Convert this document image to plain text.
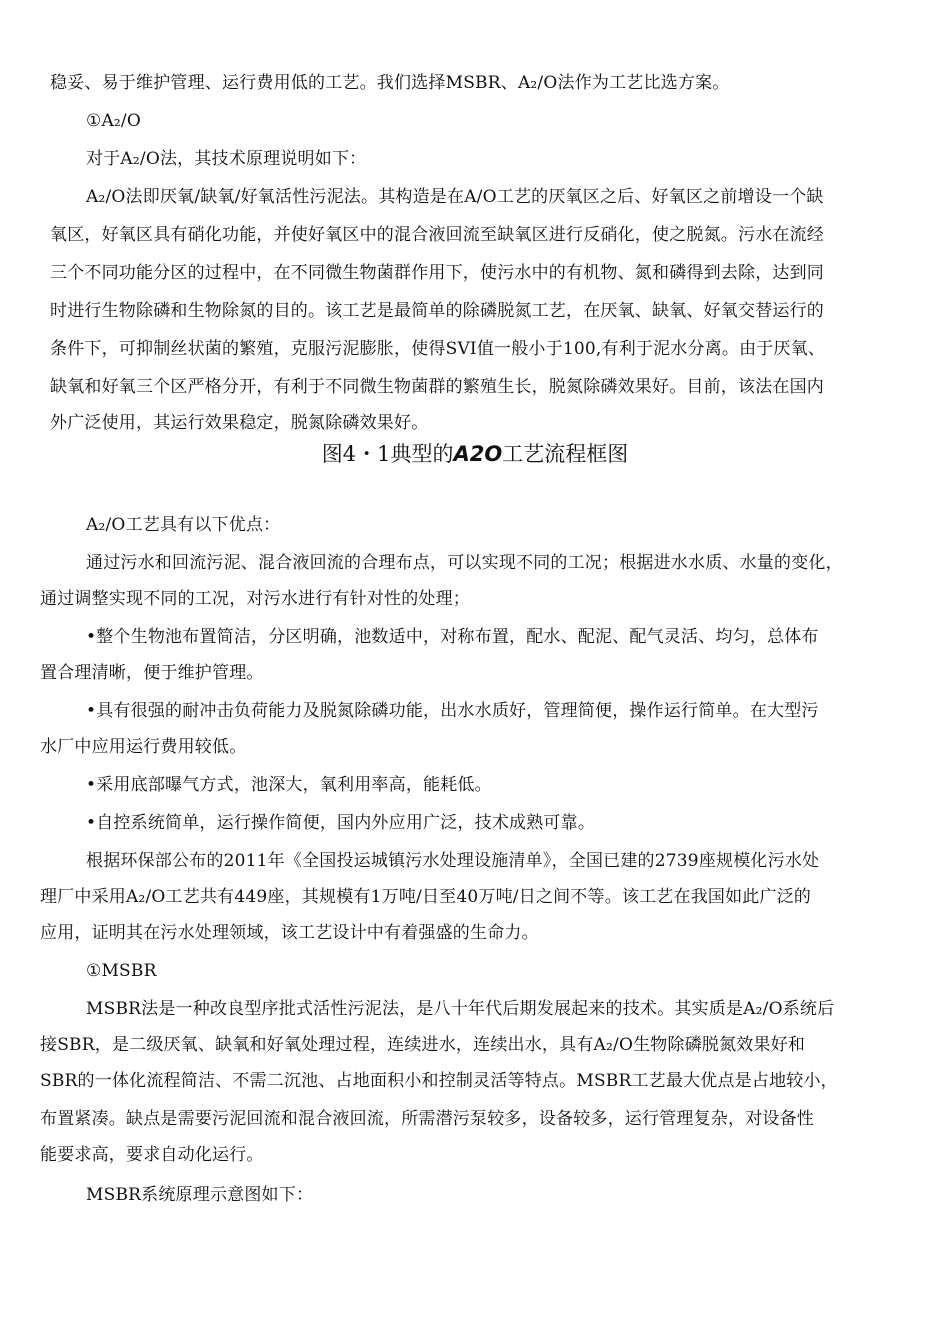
稳妥、易于维护管理、运行费用低的工艺。我们选择MSBR、A₂/O法作为工艺比选方案。
①A₂/O
对于A₂/O法，其技术原理说明如下：
A₂/O法即厌氧/缺氧/好氧活性污泥法。其构造是在A/O工艺的厌氧区之后、好氧区之前增设一个缺
氧区，好氧区具有硝化功能，并使好氧区中的混合液回流至缺氧区进行反硝化，使之脱氮。污水在流经
三个不同功能分区的过程中，在不同微生物菌群作用下，使污水中的有机物、氮和磷得到去除，达到同
时进行生物除磷和生物除氮的目的。该工艺是最简单的除磷脱氮工艺，在厌氧、缺氧、好氧交替运行的
条件下，可抑制丝状菌的繁殖，克服污泥膨胀，使得SVI值一般小于100,有利于泥水分离。由于厌氧、
缺氧和好氧三个区严格分开，有利于不同微生物菌群的繁殖生长，脱氮除磷效果好。目前，该法在国内
外广泛使用，其运行效果稳定，脱氮除磷效果好。
图4・1典型的A2O工艺流程框图
A₂/O工艺具有以下优点：
通过污水和回流污泥、混合液回流的合理布点，可以实现不同的工况；根据进水水质、水量的变化，
通过调整实现不同的工况，对污水进行有针对性的处理；
•整个生物池布置简洁，分区明确，池数适中，对称布置，配水、配泥、配气灵活、均匀，总体布
置合理清晰，便于维护管理。
•具有很强的耐冲击负荷能力及脱氮除磷功能，出水水质好，管理简便，操作运行简单。在大型污
水厂中应用运行费用较低。
•采用底部曝气方式，池深大，氧利用率高，能耗低。
•自控系统简单，运行操作简便，国内外应用广泛，技术成熟可靠。
根据环保部公布的2011年《全国投运城镇污水处理设施清单》，全国已建的2739座规模化污水处
理厂中采用A₂/O工艺共有449座，其规模有1万吨/日至40万吨/日之间不等。该工艺在我国如此广泛的
应用，证明其在污水处理领域，该工艺设计中有着强盛的生命力。
①MSBR
MSBR法是一种改良型序批式活性污泥法，是八十年代后期发展起来的技术。其实质是A₂/O系统后
接SBR，是二级厌氧、缺氧和好氧处理过程，连续进水，连续出水，具有A₂/O生物除磷脱氮效果好和
SBR的一体化流程简洁、不需二沉池、占地面积小和控制灵活等特点。MSBR工艺最大优点是占地较小，
布置紧凑。缺点是需要污泥回流和混合液回流，所需潜污泵较多，设备较多，运行管理复杂，对设备性
能要求高，要求自动化运行。
MSBR系统原理示意图如下：
